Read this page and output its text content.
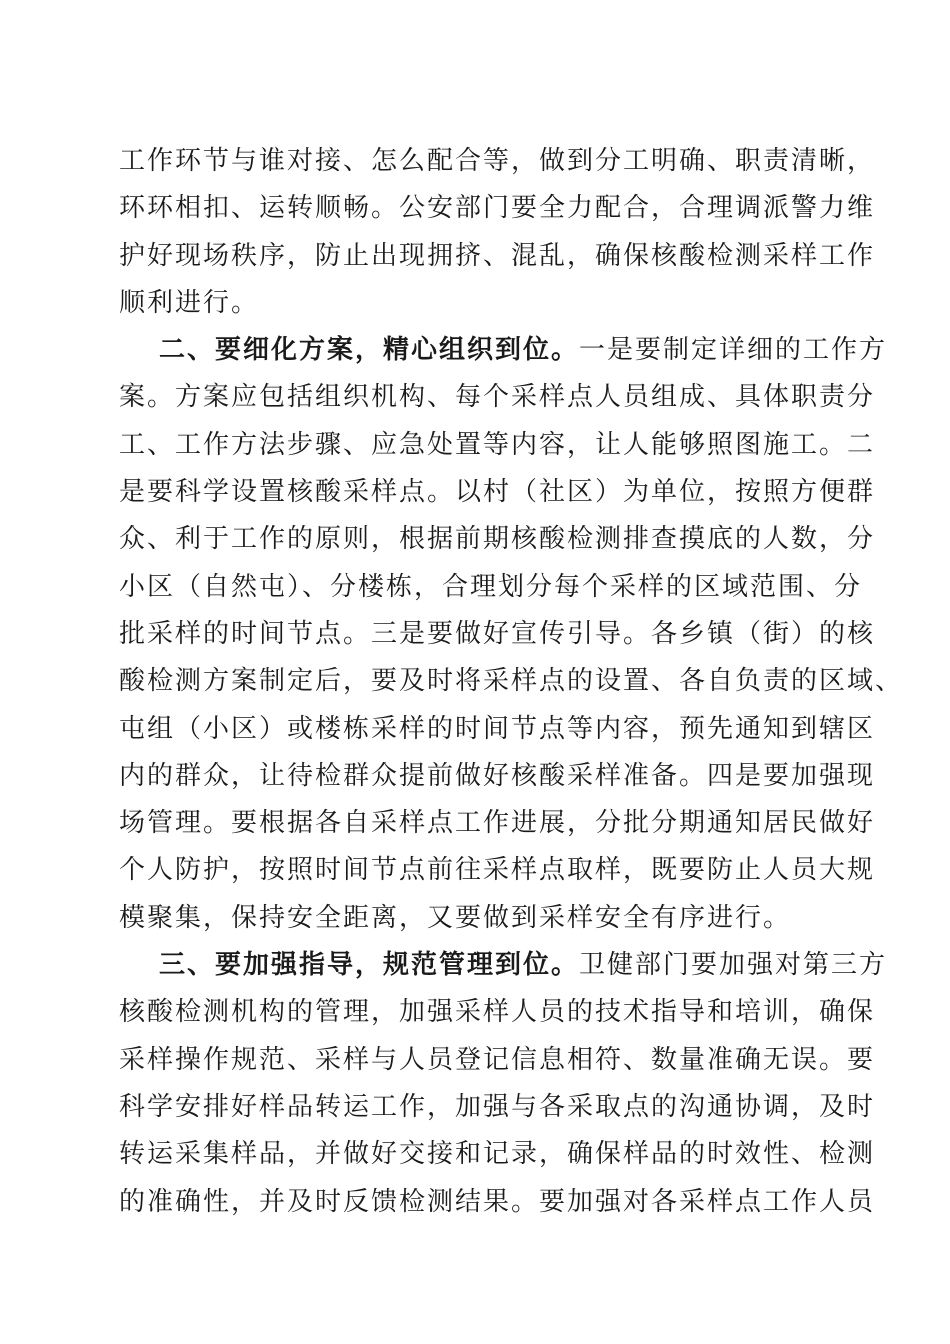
工作环节与谁对接、怎么配合等，做到分工明确、职责清晰，
环环相扣、运转顺畅。公安部门要全力配合，合理调派警力维
护好现场秩序，防止出现拥挤、混乱，确保核酸检测采样工作
顺利进行。
二、要细化方案，精心组织到位。一是要制定详细的工作方
案。方案应包括组织机构、每个采样点人员组成、具体职责分
工、工作方法步骤、应急处置等内容，让人能够照图施工。二
是要科学设置核酸采样点。以村（社区）为单位，按照方便群
众、利于工作的原则，根据前期核酸检测排查摸底的人数，分
小区（自然屯）、分楼栋，合理划分每个采样的区域范围、分
批采样的时间节点。三是要做好宣传引导。各乡镇（街）的核
酸检测方案制定后，要及时将采样点的设置、各自负责的区域、
屯组（小区）或楼栋采样的时间节点等内容，预先通知到辖区
内的群众，让待检群众提前做好核酸采样准备。四是要加强现
场管理。要根据各自采样点工作进展，分批分期通知居民做好
个人防护，按照时间节点前往采样点取样，既要防止人员大规
模聚集，保持安全距离，又要做到采样安全有序进行。
三、要加强指导，规范管理到位。卫健部门要加强对第三方
核酸检测机构的管理，加强采样人员的技术指导和培训，确保
采样操作规范、采样与人员登记信息相符、数量准确无误。要
科学安排好样品转运工作，加强与各采取点的沟通协调，及时
转运采集样品，并做好交接和记录，确保样品的时效性、检测
的准确性，并及时反馈检测结果。要加强对各采样点工作人员
